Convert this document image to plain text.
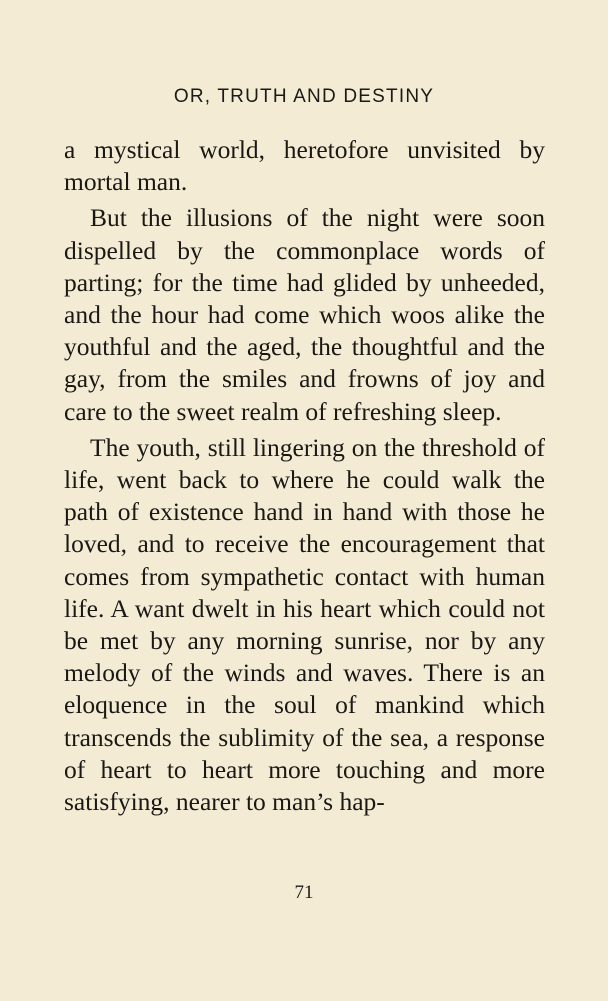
OR, TRUTH AND DESTINY

a mystical world, heretofore unvisited by mortal man.

But the illusions of the night were soon dispelled by the commonplace words of parting; for the time had glided by unheeded, and the hour had come which woos alike the youthful and the aged, the thoughtful and the gay, from the smiles and frowns of joy and care to the sweet realm of refreshing sleep.

The youth, still lingering on the threshold of life, went back to where he could walk the path of existence hand in hand with those he loved, and to receive the encouragement that comes from sympathetic contact with human life. A want dwelt in his heart which could not be met by any morning sunrise, nor by any melody of the winds and waves. There is an eloquence in the soul of mankind which transcends the sublimity of the sea, a response of heart to heart more touching and more satisfying, nearer to man’s hap-

71
